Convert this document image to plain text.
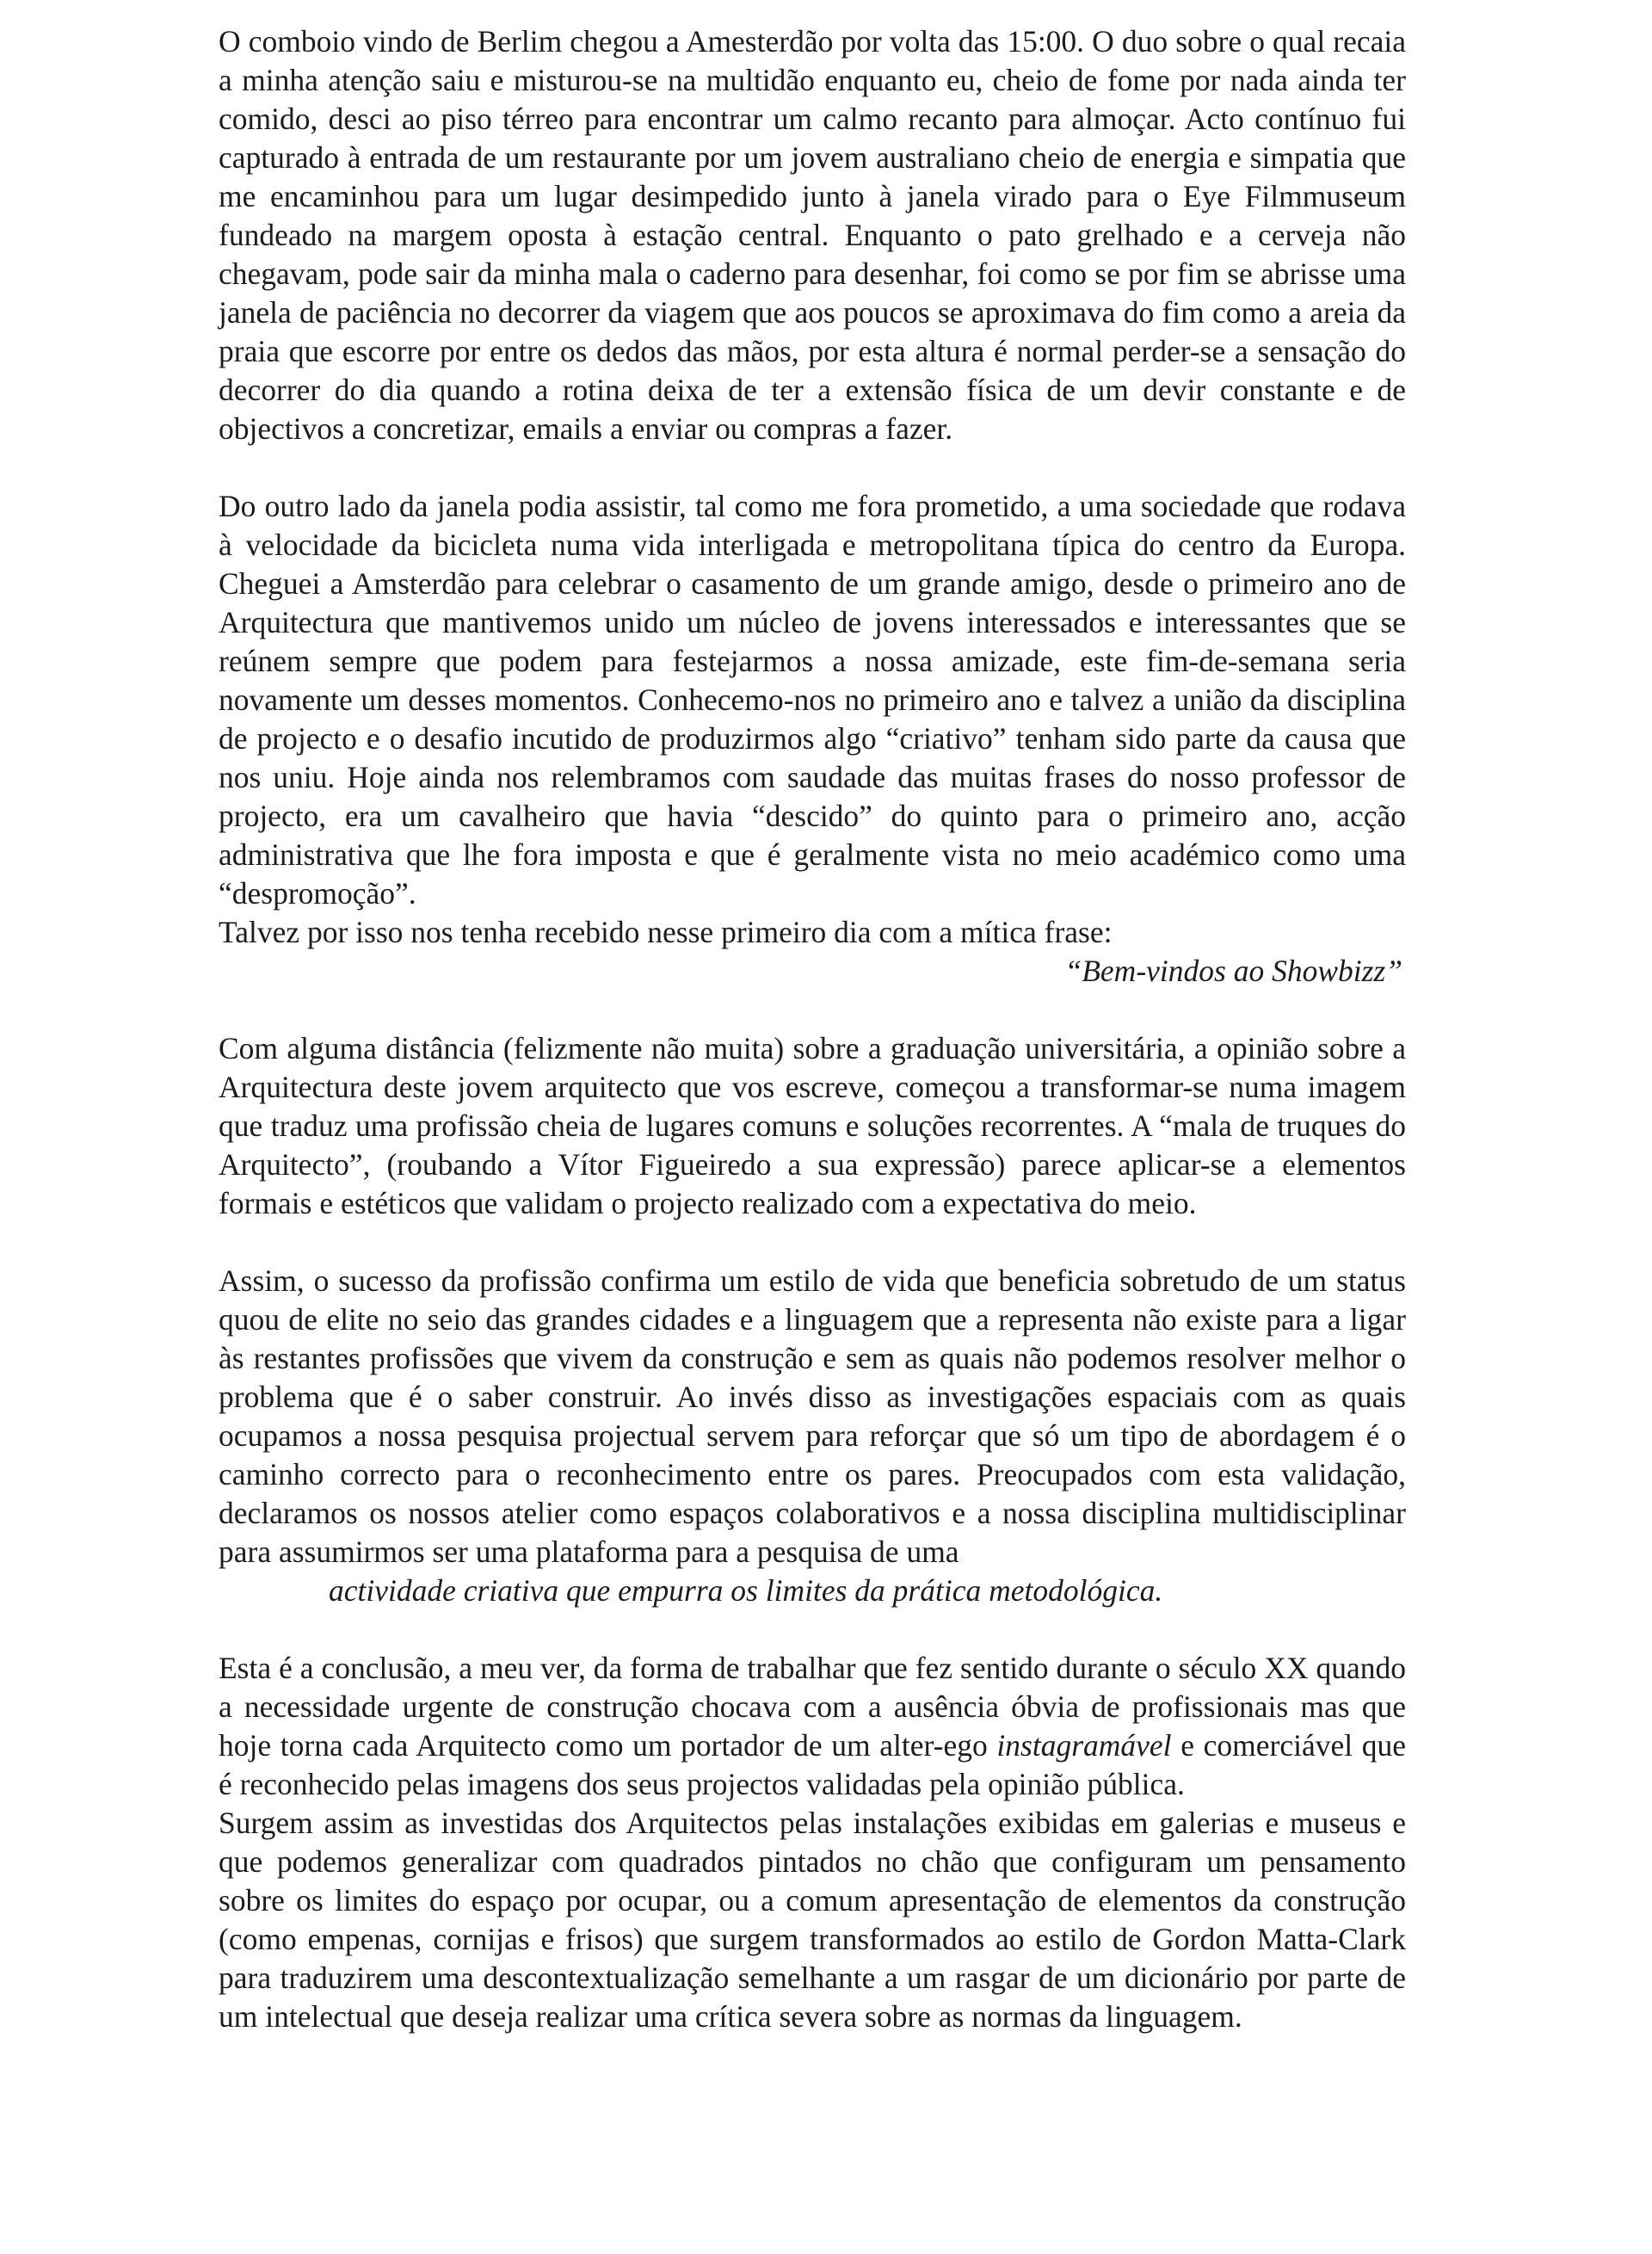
O comboio vindo de Berlim chegou a Amesterdão por volta das 15:00. O duo sobre o qual recaia a minha atenção saiu e misturou-se na multidão enquanto eu, cheio de fome por nada ainda ter comido, desci ao piso térreo para encontrar um calmo recanto para almoçar. Acto contínuo fui capturado à entrada de um restaurante por um jovem australiano cheio de energia e simpatia que me encaminhou para um lugar desimpedido junto à janela virado para o Eye Filmmuseum fundeado na margem oposta à estação central. Enquanto o pato grelhado e a cerveja não chegavam, pode sair da minha mala o caderno para desenhar, foi como se por fim se abrisse uma janela de paciência no decorrer da viagem que aos poucos se aproximava do fim como a areia da praia que escorre por entre os dedos das mãos, por esta altura é normal perder-se a sensação do decorrer do dia quando a rotina deixa de ter a extensão física de um devir constante e de objectivos a concretizar, emails a enviar ou compras a fazer.

Do outro lado da janela podia assistir, tal como me fora prometido, a uma sociedade que rodava à velocidade da bicicleta numa vida interligada e metropolitana típica do centro da Europa. Cheguei a Amsterdão para celebrar o casamento de um grande amigo, desde o primeiro ano de Arquitectura que mantivemos unido um núcleo de jovens interessados e interessantes que se reúnem sempre que podem para festejarmos a nossa amizade, este fim-de-semana seria novamente um desses momentos. Conhecemo-nos no primeiro ano e talvez a união da disciplina de projecto e o desafio incutido de produzirmos algo “criativo” tenham sido parte da causa que nos uniu. Hoje ainda nos relembramos com saudade das muitas frases do nosso professor de projecto, era um cavalheiro que havia “descido” do quinto para o primeiro ano, acção administrativa que lhe fora imposta e que é geralmente vista no meio académico como uma “despromoção”.

Talvez por isso nos tenha recebido nesse primeiro dia com a mítica frase:

“Bem-vindos ao Showbizz”

Com alguma distância (felizmente não muita) sobre a graduação universitária, a opinião sobre a Arquitectura deste jovem arquitecto que vos escreve, começou a transformar-se numa imagem que traduz uma profissão cheia de lugares comuns e soluções recorrentes. A “mala de truques do Arquitecto”, (roubando a Vítor Figueiredo a sua expressão) parece aplicar-se a elementos formais e estéticos que validam o projecto realizado com a expectativa do meio.

Assim, o sucesso da profissão confirma um estilo de vida que beneficia sobretudo de um status quou de elite no seio das grandes cidades e a linguagem que a representa não existe para a ligar às restantes profissões que vivem da construção e sem as quais não podemos resolver melhor o problema que é o saber construir. Ao invés disso as investigações espaciais com as quais ocupamos a nossa pesquisa projectual servem para reforçar que só um tipo de abordagem é o caminho correcto para o reconhecimento entre os pares. Preocupados com esta validação, declaramos os nossos atelier como espaços colaborativos e a nossa disciplina multidisciplinar para assumirmos ser uma plataforma para a pesquisa de uma

actividade criativa que empurra os limites da prática metodológica.

Esta é a conclusão, a meu ver, da forma de trabalhar que fez sentido durante o século XX quando a necessidade urgente de construção chocava com a ausência óbvia de profissionais mas que hoje torna cada Arquitecto como um portador de um alter-ego instagramável e comerciável que é reconhecido pelas imagens dos seus projectos validadas pela opinião pública.

Surgem assim as investidas dos Arquitectos pelas instalações exibidas em galerias e museus e que podemos generalizar com quadrados pintados no chão que configuram um pensamento sobre os limites do espaço por ocupar, ou a comum apresentação de elementos da construção (como empenas, cornijas e frisos) que surgem transformados ao estilo de Gordon Matta-Clark para traduzirem uma descontextualização semelhante a um rasgar de um dicionário por parte de um intelectual que deseja realizar uma crítica severa sobre as normas da linguagem.
